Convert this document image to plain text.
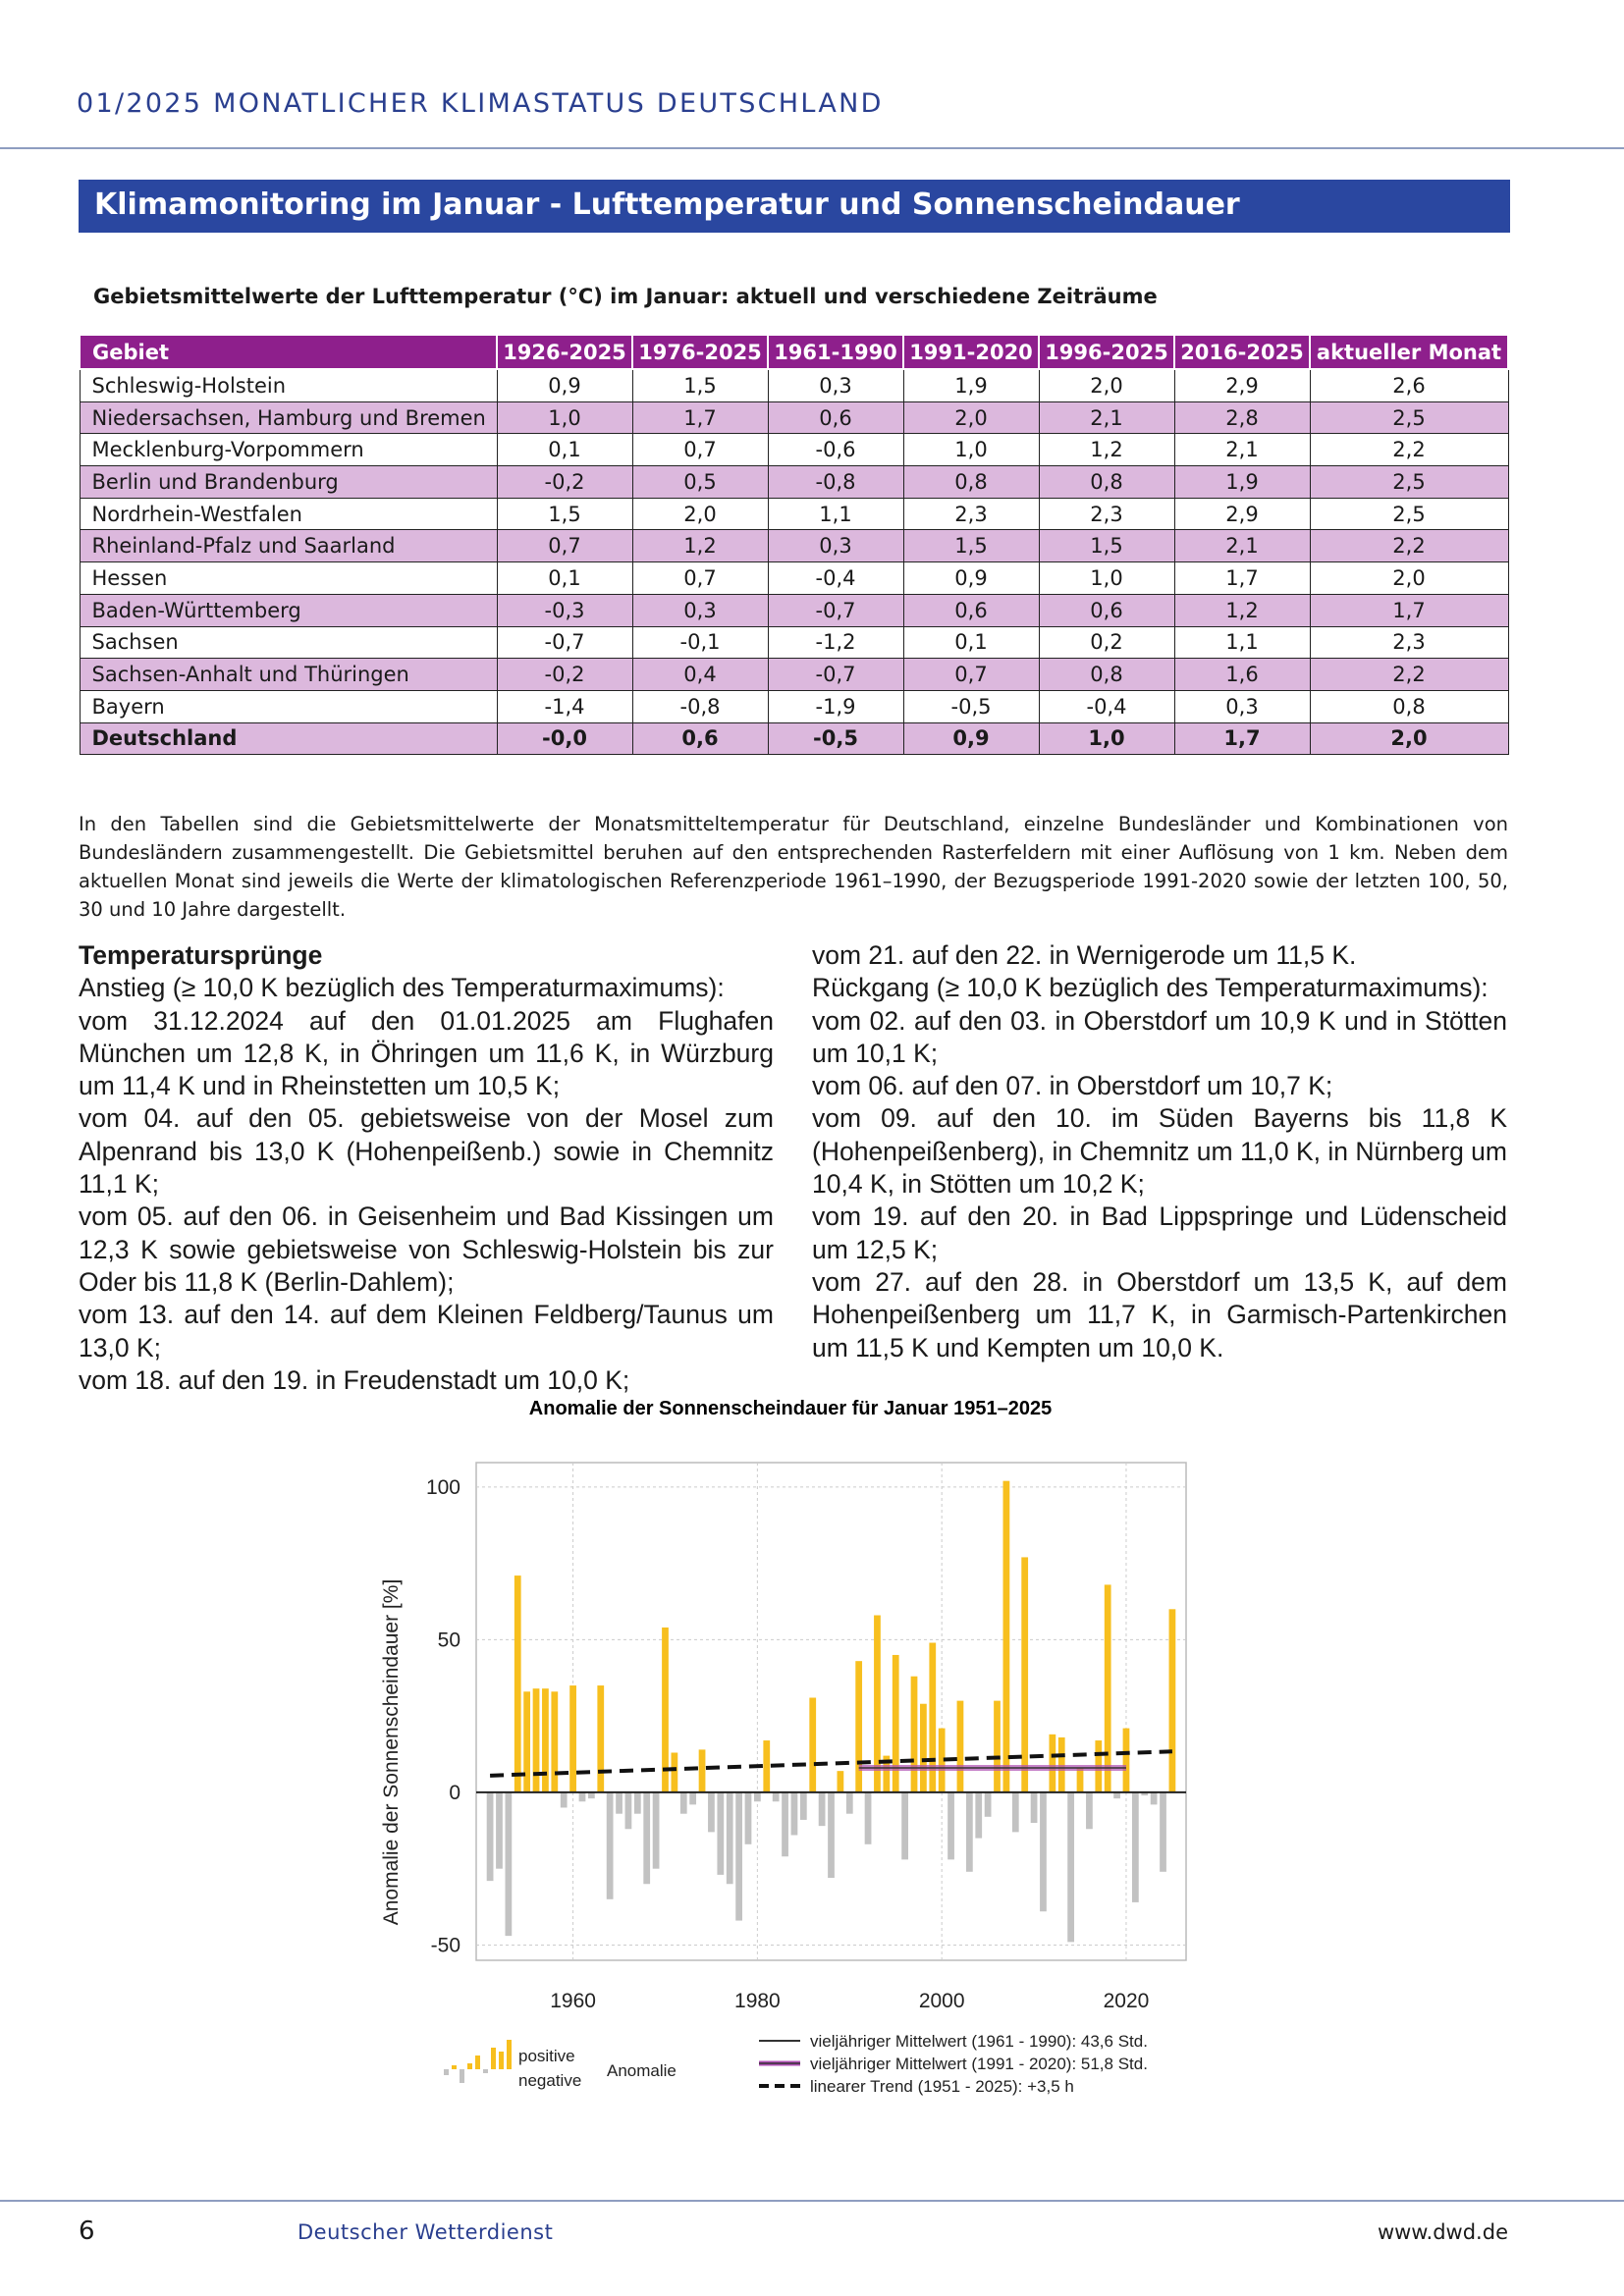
01/2025 MONATLICHER KLIMASTATUS DEUTSCHLAND
Klimamonitoring im Januar - Lufttemperatur und Sonnenscheindauer
Gebietsmittelwerte der Lufttemperatur (°C) im Januar: aktuell und verschiedene Zeiträume
Gebiet	1926-2025	1976-2025	1961-1990	1991-2020	1996-2025	2016-2025	aktueller Monat
Schleswig-Holstein	0,9	1,5	0,3	1,9	2,0	2,9	2,6
Niedersachsen, Hamburg und Bremen	1,0	1,7	0,6	2,0	2,1	2,8	2,5
Mecklenburg-Vorpommern	0,1	0,7	-0,6	1,0	1,2	2,1	2,2
Berlin und Brandenburg	-0,2	0,5	-0,8	0,8	0,8	1,9	2,5
Nordrhein-Westfalen	1,5	2,0	1,1	2,3	2,3	2,9	2,5
Rheinland-Pfalz und Saarland	0,7	1,2	0,3	1,5	1,5	2,1	2,2
Hessen	0,1	0,7	-0,4	0,9	1,0	1,7	2,0
Baden-Württemberg	-0,3	0,3	-0,7	0,6	0,6	1,2	1,7
Sachsen	-0,7	-0,1	-1,2	0,1	0,2	1,1	2,3
Sachsen-Anhalt und Thüringen	-0,2	0,4	-0,7	0,7	0,8	1,6	2,2
Bayern	-1,4	-0,8	-1,9	-0,5	-0,4	0,3	0,8
Deutschland	-0,0	0,6	-0,5	0,9	1,0	1,7	2,0
In den Tabellen sind die Gebietsmittelwerte der Monatsmitteltemperatur für Deutschland, einzelne Bundesländer und Kombinationen von Bundesländern zusammengestellt. Die Gebietsmittel beruhen auf den entsprechenden Rasterfeldern mit einer Auflösung von 1 km. Neben dem aktuellen Monat sind jeweils die Werte der klimatologischen Referenzperiode 1961–1990, der Bezugsperiode 1991-2020 sowie der letzten 100, 50, 30 und 10 Jahre dargestellt.

Temperatursprünge

Anstieg (≥ 10,0 K bezüglich des Temperaturmaximums):

vom 31.12.2024 auf den 01.01.2025 am Flughafen München um 12,8 K, in Öhringen um 11,6 K, in Würzburg um 11,4 K und in Rheinstetten um 10,5 K;

vom 04. auf den 05. gebietsweise von der Mosel zum Alpenrand bis 13,0 K (Hohenpeißenb.) sowie in Chemnitz 11,1 K;

vom 05. auf den 06. in Geisenheim und Bad Kissingen um 12,3 K sowie gebietsweise von Schleswig-Holstein bis zur Oder bis 11,8 K (Berlin-Dahlem);

vom 13. auf den 14. auf dem Kleinen Feldberg/Taunus um 13,0 K;

vom 18. auf den 19. in Freudenstadt um 10,0 K;

vom 21. auf den 22. in Wernigerode um 11,5 K.

Rückgang (≥ 10,0 K bezüglich des Temperaturmaximums):

vom 02. auf den 03. in Oberstdorf um 10,9 K und in Stötten um 10,1 K;

vom 06. auf den 07. in Oberstdorf um 10,7 K;

vom 09. auf den 10. im Süden Bayerns bis 11,8 K (Hohenpeißenberg), in Chemnitz um 11,0 K, in Nürnberg um 10,4 K, in Stötten um 10,2 K;

vom 19. auf den 20. in Bad Lippspringe und Lüdenscheid um 12,5 K;

vom 27. auf den 28. in Oberstdorf um 13,5 K, auf dem Hohenpeißenberg um 11,7 K, in Garmisch-Partenkirchen um 11,5 K und Kempten um 10,0 K.

Anomalie der Sonnenscheindauer für Januar 1951–2025
Anomalie der Sonnenscheindauer [%]
1960	1980	2000	2020
100
50
0
-50
positive
negative
Anomalie
vieljähriger Mittelwert (1961 - 1990): 43,6 Std.
vieljähriger Mittelwert (1991 - 2020): 51,8 Std.
linearer Trend (1951 - 2025): +3,5 h
6	Deutscher Wetterdienst	www.dwd.de
